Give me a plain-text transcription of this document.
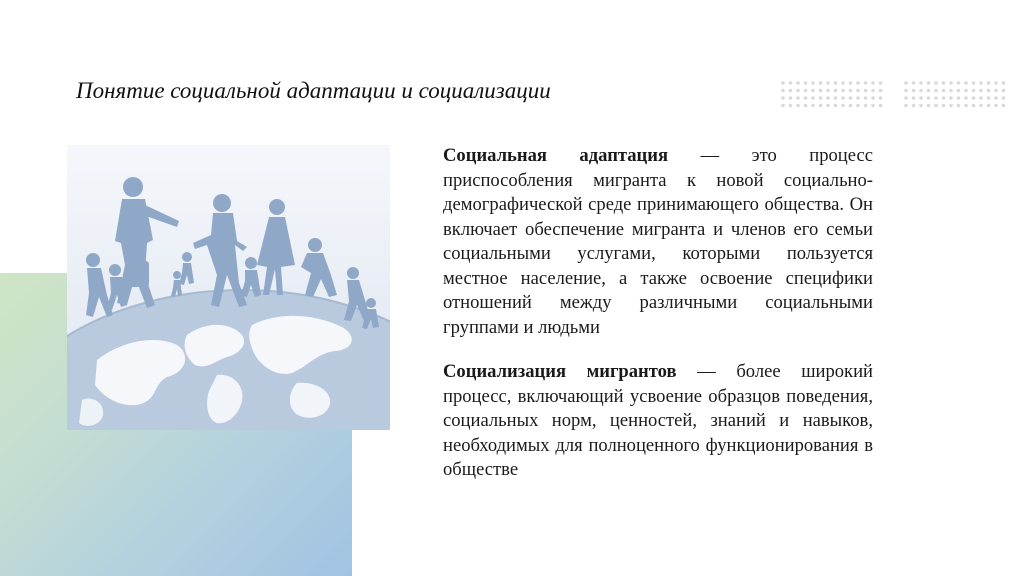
Понятие социальной адаптации и социализации

Социальная адаптация — это процесс приспособления мигранта к новой социально-демографической среде принимающего общества. Он включает обеспечение мигранта и членов его семьи социальными услугами, которыми пользуется местное население, а также освоение специфики отношений между различными социальными группами и людьми

Социализация мигрантов — более широкий процесс, включающий усвоение образцов поведения, социальных норм, ценностей, знаний и навыков, необходимых для полноценного функционирования в обществе
